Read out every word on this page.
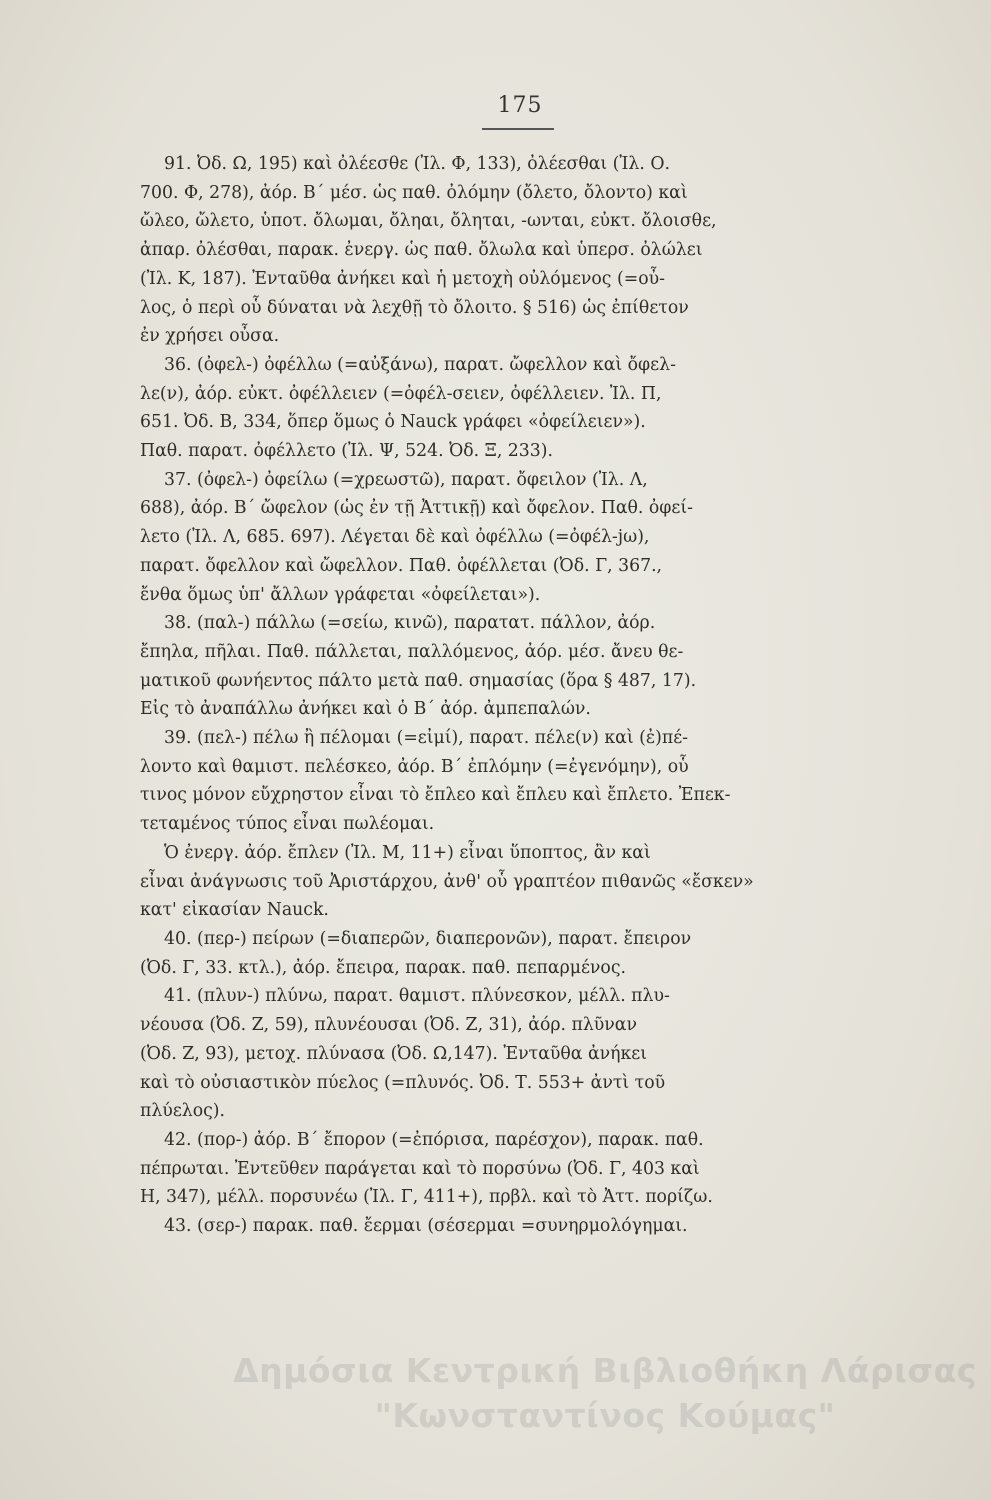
175

91. Ὀδ. Ω, 195) καὶ ὀλέεσθε (Ἰλ. Φ, 133), ὀλέεσθαι (Ἰλ. Ο.
700. Φ, 278), ἀόρ. Β΄ μέσ. ὡς παθ. ὀλόμην (ὄλετο, ὄλοντο) καὶ
ὤλεο, ὤλετο, ὑποτ. ὄλωμαι, ὄληαι, ὄληται, -ωνται, εὐκτ. ὄλοισθε,
ἀπαρ. ὀλέσθαι, παρακ. ἐνεργ. ὡς παθ. ὄλωλα καὶ ὑπερσ. ὀλώλει
(Ἰλ. Κ, 187). Ἐνταῦθα ἀνήκει καὶ ἡ μετοχὴ οὐλόμενος (=οὖ-
λος, ὁ περὶ οὗ δύναται νὰ λεχθῇ τὸ ὄλοιτο. § 516) ὡς ἐπίθετον
ἐν χρήσει οὖσα.

36. (ὀφελ-) ὀφέλλω (=αὐξάνω), παρατ. ὤφελλον καὶ ὄφελ-
λε(ν), ἀόρ. εὐκτ. ὀφέλλειεν (=ὀφέλ-σειεν, ὀφέλλειεν. Ἰλ. Π,
651. Ὀδ. Β, 334, ὅπερ ὅμως ὁ Nauck γράφει «ὀφείλειεν»).
Παθ. παρατ. ὀφέλλετο (Ἰλ. Ψ, 524. Ὀδ. Ξ, 233).

37. (ὀφελ-) ὀφείλω (=χρεωστῶ), παρατ. ὄφειλον (Ἰλ. Λ,
688), ἀόρ. Β΄ ὤφελον (ὡς ἐν τῇ Ἀττικῇ) καὶ ὄφελον. Παθ. ὀφεί-
λετο (Ἰλ. Λ, 685. 697). Λέγεται δὲ καὶ ὀφέλλω (=ὀφέλ-jω),
παρατ. ὄφελλον καὶ ὤφελλον. Παθ. ὀφέλλεται (Ὀδ. Γ, 367.,
ἔνθα ὅμως ὑπ' ἄλλων γράφεται «ὀφείλεται»).

38. (παλ-) πάλλω (=σείω, κινῶ), παρατατ. πάλλον, ἀόρ.
ἔπηλα, πῆλαι. Παθ. πάλλεται, παλλόμενος, ἀόρ. μέσ. ἄνευ θε-
ματικοῦ φωνήεντος πάλτο μετὰ παθ. σημασίας (ὅρα § 487, 17).
Εἰς τὸ ἀναπάλλω ἀνήκει καὶ ὁ Β΄ ἀόρ. ἀμπεπαλών.

39. (πελ-) πέλω ἢ πέλομαι (=εἰμί), παρατ. πέλε(ν) καὶ (ἐ)πέ-
λοντο καὶ θαμιστ. πελέσκεο, ἀόρ. Β΄ ἐπλόμην (=ἐγενόμην), οὗ
τινος μόνον εὔχρηστον εἶναι τὸ ἔπλεο καὶ ἔπλευ καὶ ἔπλετο. Ἐπεκ-
τεταμένος τύπος εἶναι πωλέομαι.

Ὁ ἐνεργ. ἀόρ. ἔπλεν (Ἰλ. Μ, 11+) εἶναι ὕποπτος, ἂν καὶ
εἶναι ἀνάγνωσις τοῦ Ἀριστάρχου, ἀνθ' οὗ γραπτέον πιθανῶς «ἔσκεν»
κατ' εἰκασίαν Nauck.

40. (περ-) πείρων (=διαπερῶν, διαπερονῶν), παρατ. ἔπειρον
(Ὀδ. Γ, 33. κτλ.), ἀόρ. ἔπειρα, παρακ. παθ. πεπαρμένος.

41. (πλυν-) πλύνω, παρατ. θαμιστ. πλύνεσκον, μέλλ. πλυ-
νέουσα (Ὀδ. Ζ, 59), πλυνέουσαι (Ὀδ. Ζ, 31), ἀόρ. πλῦναν
(Ὀδ. Ζ, 93), μετοχ. πλύνασα (Ὀδ. Ω,147). Ἐνταῦθα ἀνήκει
καὶ τὸ οὐσιαστικὸν πύελος (=πλυνός. Ὀδ. Τ. 553+ ἀντὶ τοῦ
πλύελος).

42. (πορ-) ἀόρ. Β΄ ἔπορον (=ἐπόρισα, παρέσχον), παρακ. παθ.
πέπρωται. Ἐντεῦθεν παράγεται καὶ τὸ πορσύνω (Ὀδ. Γ, 403 καὶ
Η, 347), μέλλ. πορσυνέω (Ἰλ. Γ, 411+), πρβλ. καὶ τὸ Ἀττ. πορίζω.

43. (σερ-) παρακ. παθ. ἔερμαι (σέσερμαι =συνηρμολόγημαι.

Δημόσια Κεντρική Βιβλιοθήκη Λάρισας
"Κωνσταντίνος Κούμας"
